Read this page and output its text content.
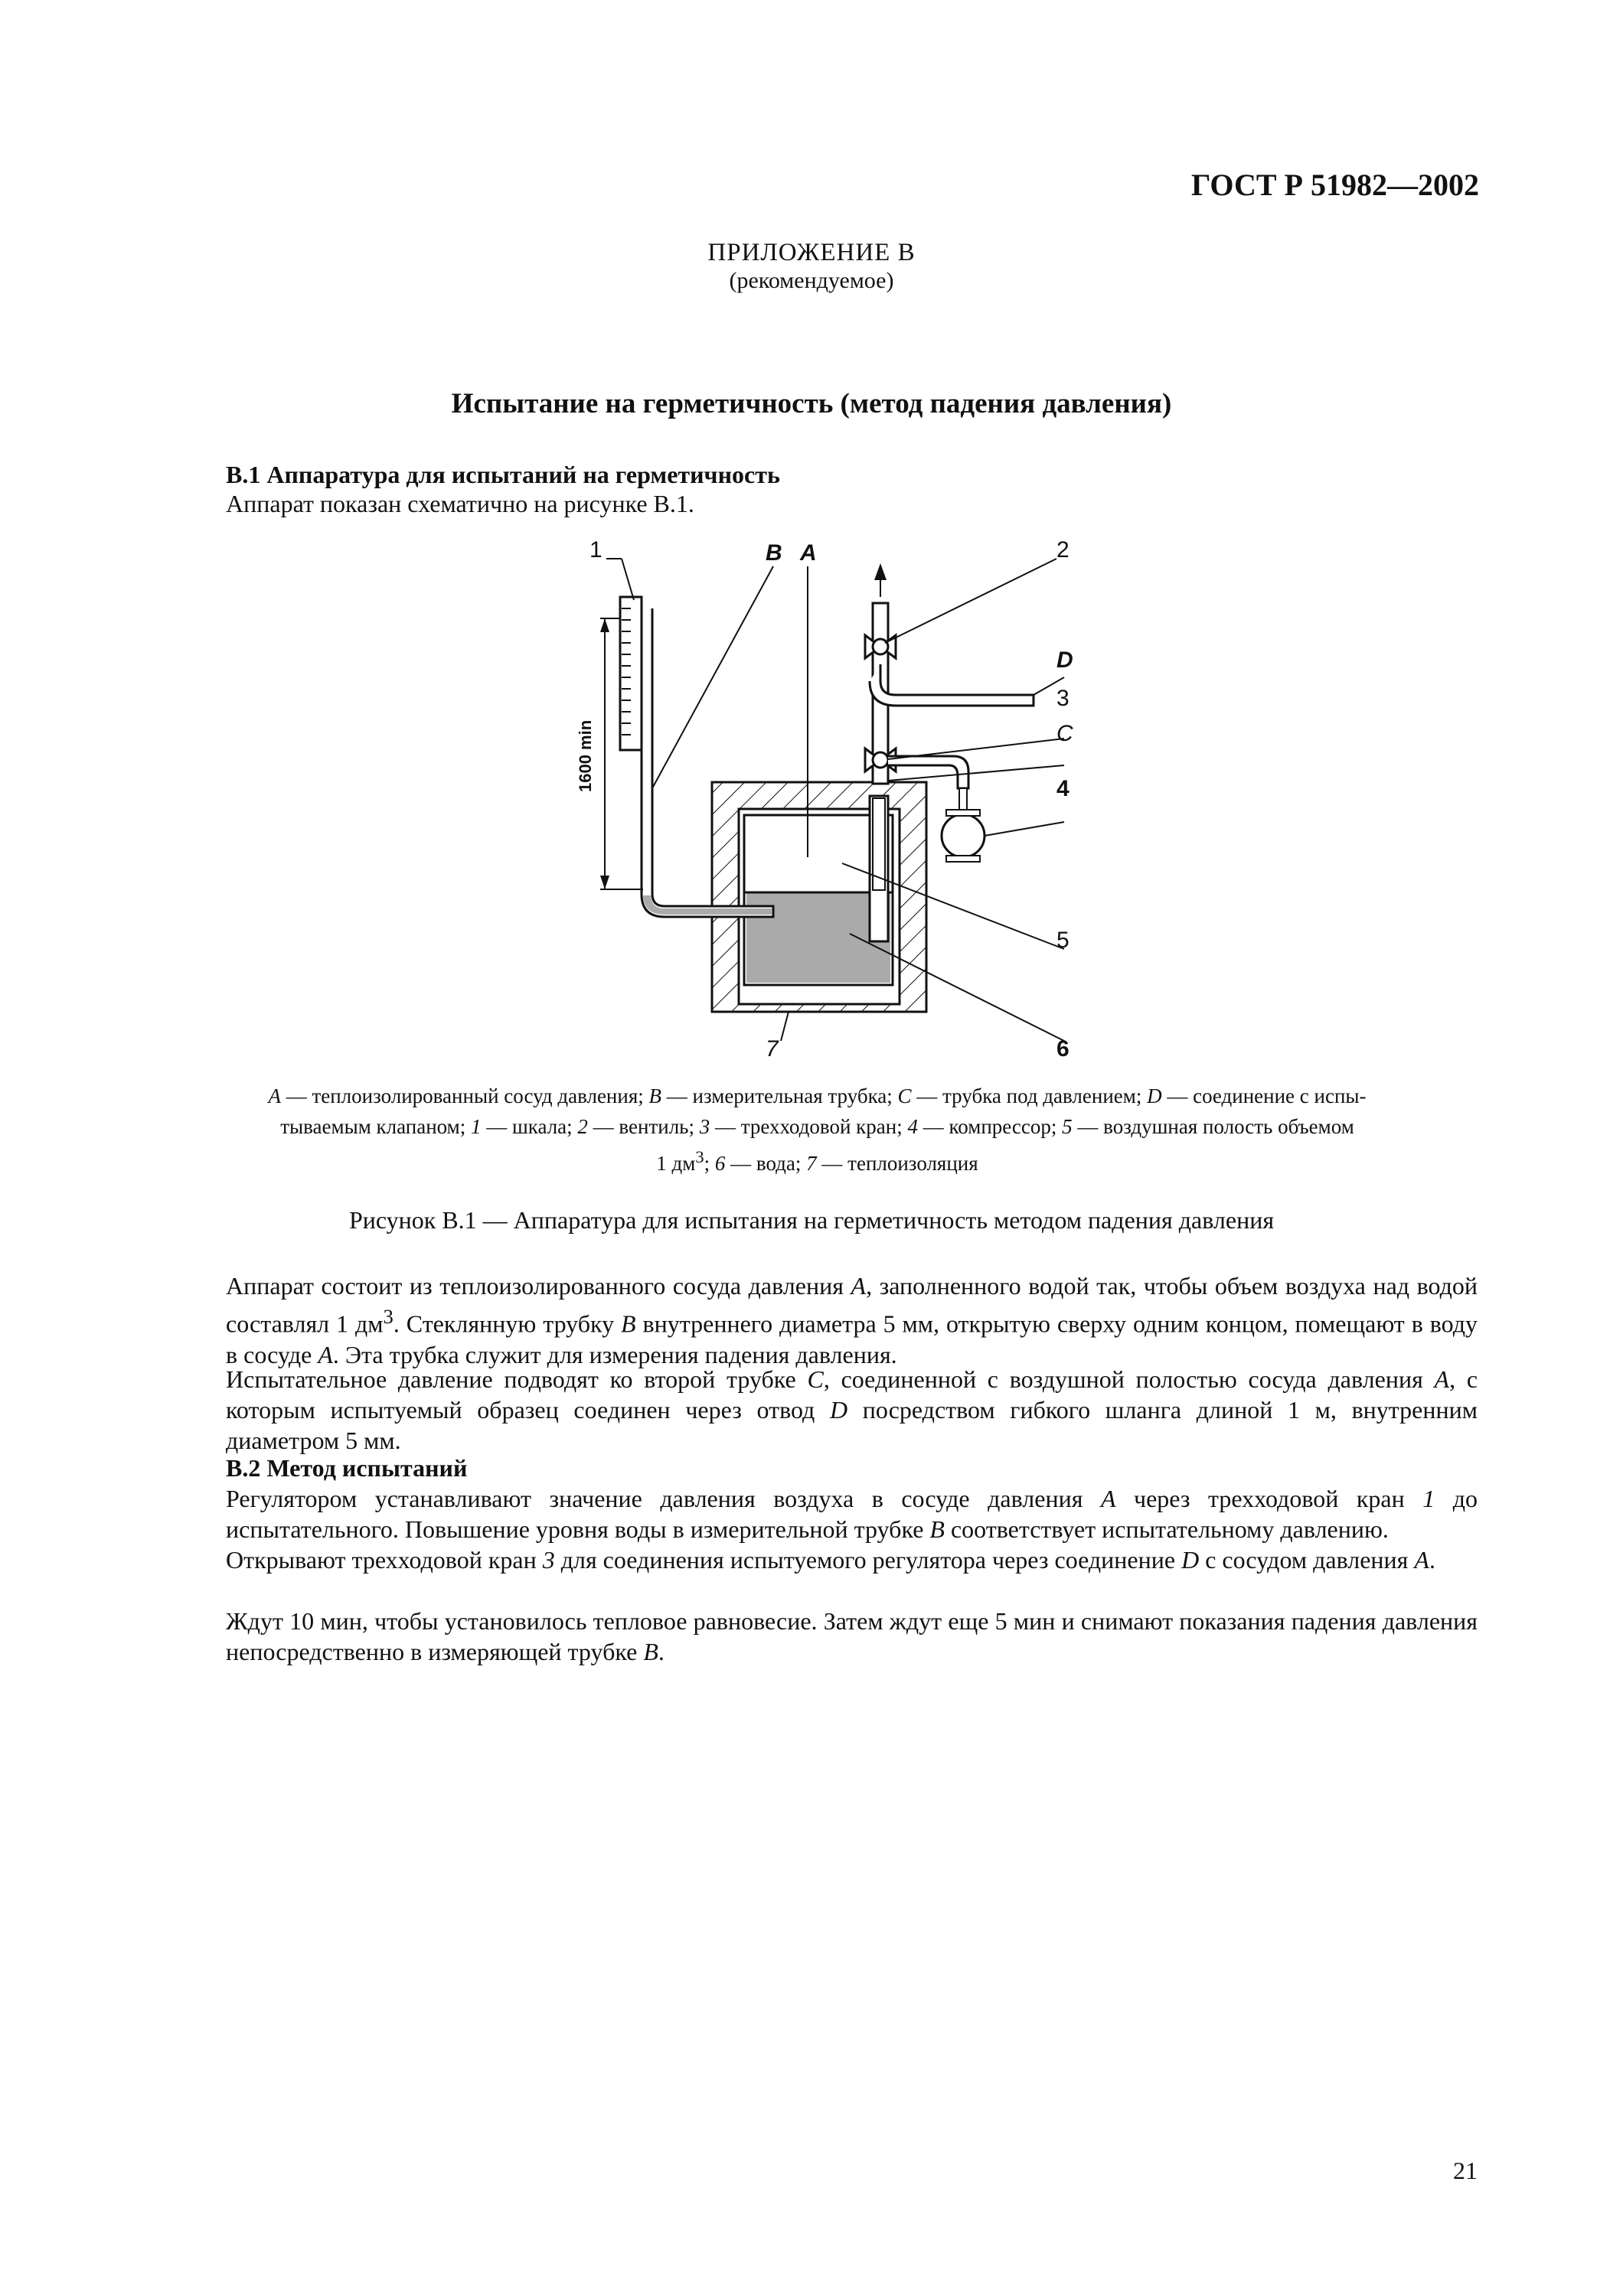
ГОСТ Р 51982—2002
ПРИЛОЖЕНИЕ В
(рекомендуемое)
Испытание на герметичность (метод падения давления)
В.1 Аппаратура для испытаний на герметичность
Аппарат показан схематично на рисунке В.1.
1	B A	2
D
3
C
4
5
6
7
1600 min
A — теплоизолированный сосуд давления; B — измерительная трубка; C — трубка под давлением; D — соединение с испы-
тываемым клапаном; 1 — шкала; 2 — вентиль; 3 — трехходовой кран; 4 — компрессор; 5 — воздушная полость объемом
1 $дм^3$; 6 — вода; 7 — теплоизоляция
Рисунок В.1 — Аппаратура для испытания на герметичность методом падения давления
Аппарат состоит из теплоизолированного сосуда давления A, заполненного водой так, чтобы объем воздуха над водой составлял 1 $дм^3$. Стеклянную трубку B внутреннего диаметра 5 мм, открытую сверху одним концом, помещают в воду в сосуде A. Эта трубка служит для измерения падения давления.
Испытательное давление подводят ко второй трубке C, соединенной с воздушной полостью сосуда давления A, с которым испытуемый образец соединен через отвод D посредством гибкого шланга длиной 1 м, внутренним диаметром 5 мм.
В.2 Метод испытаний
Регулятором устанавливают значение давления воздуха в сосуде давления A через трехходовой кран 1 до испытательного. Повышение уровня воды в измерительной трубке B соответствует испытательному давлению.
Открывают трехходовой кран 3 для соединения испытуемого регулятора через соединение D с сосудом давления A.
Ждут 10 мин, чтобы установилось тепловое равновесие. Затем ждут еще 5 мин и снимают показания падения давления непосредственно в измеряющей трубке B.
21
